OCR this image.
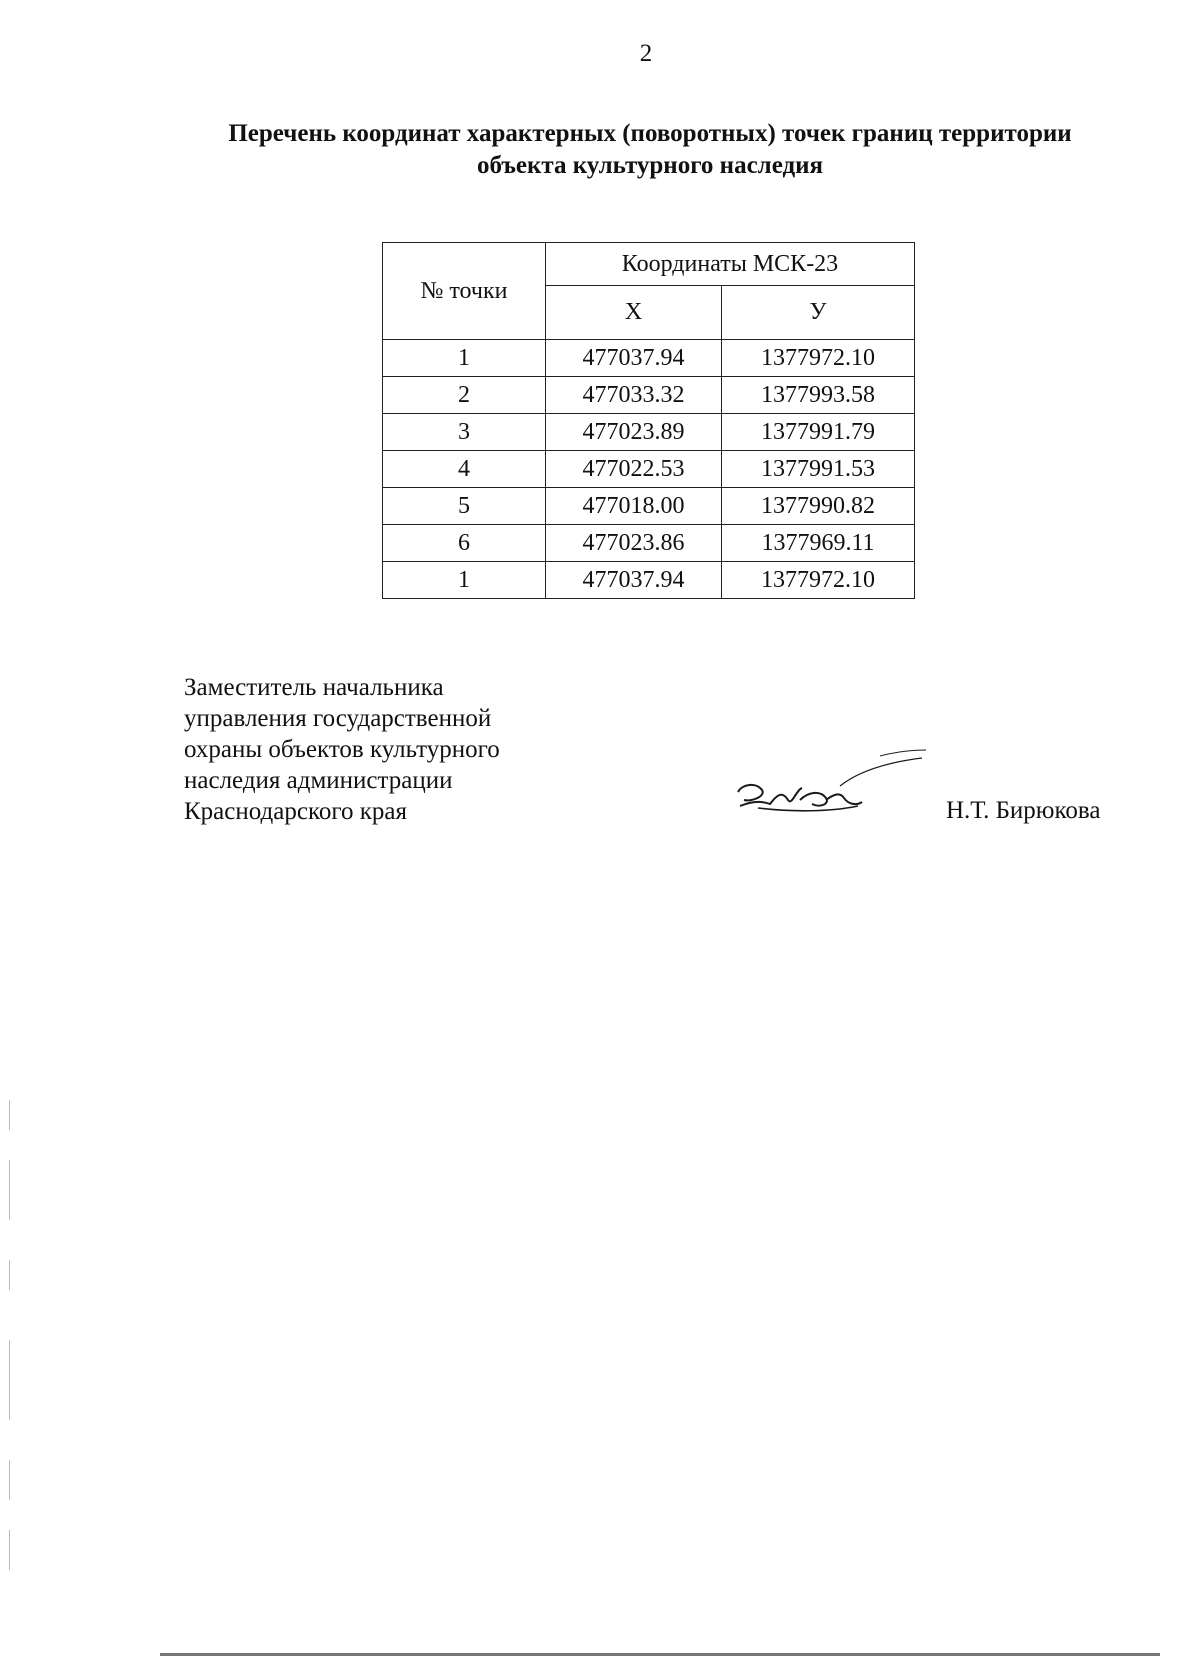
2
Перечень координат характерных (поворотных) точек границ территории
объекта культурного наследия
№ точки	Координаты МСК-23	
	Х	У
1	477037.94	1377972.10
2	477033.32	1377993.58
3	477023.89	1377991.79
4	477022.53	1377991.53
5	477018.00	1377990.82
6	477023.86	1377969.11
1	477037.94	1377972.10
Заместитель начальника
управления государственной
охраны объектов культурного
наследия администрации
Краснодарского края	Н.Т. Бирюкова
